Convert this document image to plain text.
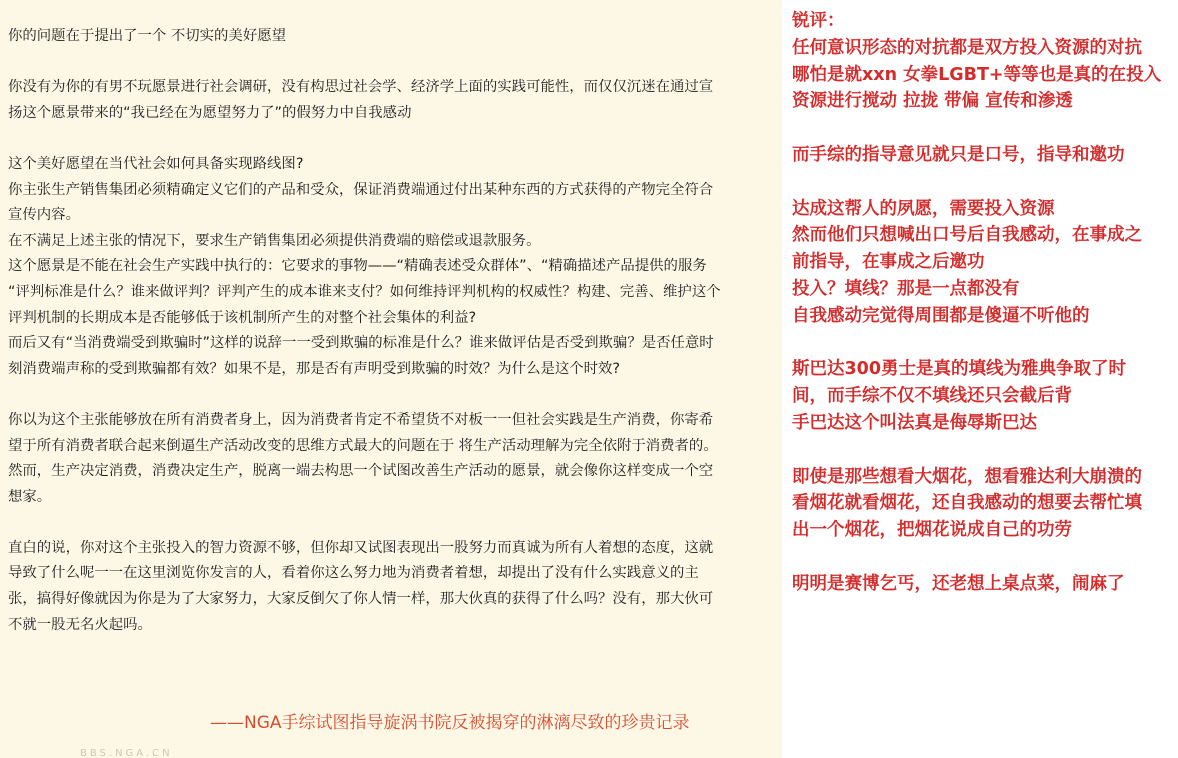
你的问题在于提出了一个 不切实的美好愿望
你没有为你的有男不玩愿景进行社会调研，没有构思过社会学、经济学上面的实践可能性，而仅仅沉迷在通过宣
扬这个愿景带来的“我已经在为愿望努力了”的假努力中自我感动
这个美好愿望在当代社会如何具备实现路线图?
你主张生产销售集团必须精确定义它们的产品和受众，保证消费端通过付出某种东西的方式获得的产物完全符合
宣传内容。
在不满足上述主张的情况下，要求生产销售集团必须提供消费端的赔偿或退款服务。
这个愿景是不能在社会生产实践中执行的：它要求的事物——“精确表述受众群体”、“精确描述产品提供的服务
“评判标准是什么？谁来做评判？评判产生的成本谁来支付？如何维持评判机构的权威性？构建、完善、维护这个
评判机制的长期成本是否能够低于该机制所产生的对整个社会集体的利益?
而后又有“当消费端受到欺骗时”这样的说辞一一受到欺骗的标准是什么？谁来做评估是否受到欺骗？是否任意时
刻消费端声称的受到欺骗都有效？如果不是，那是否有声明受到欺骗的时效？为什么是这个时效?
你以为这个主张能够放在所有消费者身上，因为消费者肯定不希望货不对板一一但社会实践是生产消费，你寄希
望于所有消费者联合起来倒逼生产活动改变的思维方式最大的问题在于 将生产活动理解为完全依附于消费者的。
然而，生产决定消费，消费决定生产，脱离一端去构思一个试图改善生产活动的愿景，就会像你这样变成一个空
想家。
直白的说，你对这个主张投入的智力资源不够，但你却又试图表现出一股努力而真诚为所有人着想的态度，这就
导致了什么呢一一在这里浏览你发言的人，看着你这么努力地为消费者着想，却提出了没有什么实践意义的主
张，搞得好像就因为你是为了大家努力，大家反倒欠了你人情一样，那大伙真的获得了什么吗？没有，那大伙可
不就一股无名火起吗。
——NGA手综试图指导旋涡书院反被揭穿的淋漓尽致的珍贵记录
BBS.NGA.CN
锐评：
任何意识形态的对抗都是双方投入资源的对抗
哪怕是就xxn 女拳LGBT+等等也是真的在投入
资源进行搅动 拉拢 带偏 宣传和渗透
而手综的指导意见就只是口号，指导和邀功
达成这帮人的夙愿，需要投入资源
然而他们只想喊出口号后自我感动，在事成之
前指导，在事成之后邀功
投入？填线？那是一点都没有
自我感动完觉得周围都是傻逼不听他的
斯巴达300勇士是真的填线为雅典争取了时
间，而手综不仅不填线还只会截后背
手巴达这个叫法真是侮辱斯巴达
即使是那些想看大烟花，想看雅达利大崩溃的
看烟花就看烟花，还自我感动的想要去帮忙填
出一个烟花，把烟花说成自己的功劳
明明是赛博乞丐，还老想上桌点菜，闹麻了
